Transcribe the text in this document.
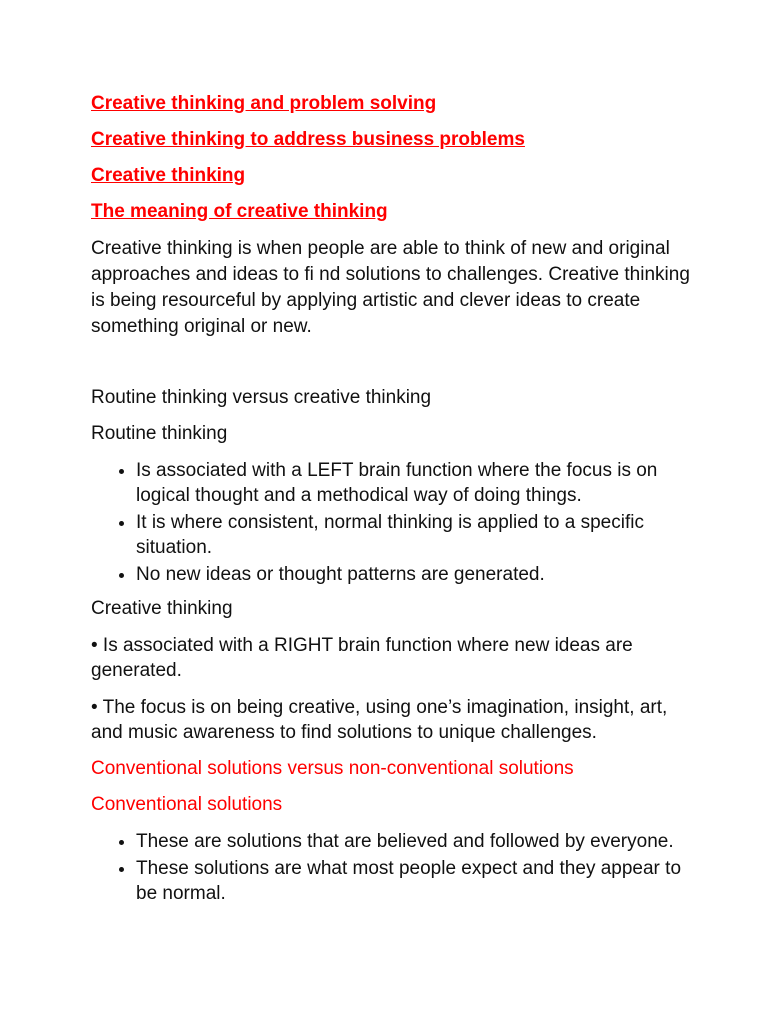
Creative thinking and problem solving
Creative thinking to address business problems
Creative thinking
The meaning of creative thinking
Creative thinking is when people are able to think of new and original approaches and ideas to fi nd solutions to challenges. Creative thinking is being resourceful by applying artistic and clever ideas to create something original or new.
Routine thinking versus creative thinking
Routine thinking
• Is associated with a LEFT brain function where the focus is on logical thought and a methodical way of doing things.
• It is where consistent, normal thinking is applied to a specific situation.
• No new ideas or thought patterns are generated.
Creative thinking
• Is associated with a RIGHT brain function where new ideas are generated.
• The focus is on being creative, using one’s imagination, insight, art, and music awareness to find solutions to unique challenges.
Conventional solutions versus non-conventional solutions
Conventional solutions
• These are solutions that are believed and followed by everyone.
• These solutions are what most people expect and they appear to be normal.
